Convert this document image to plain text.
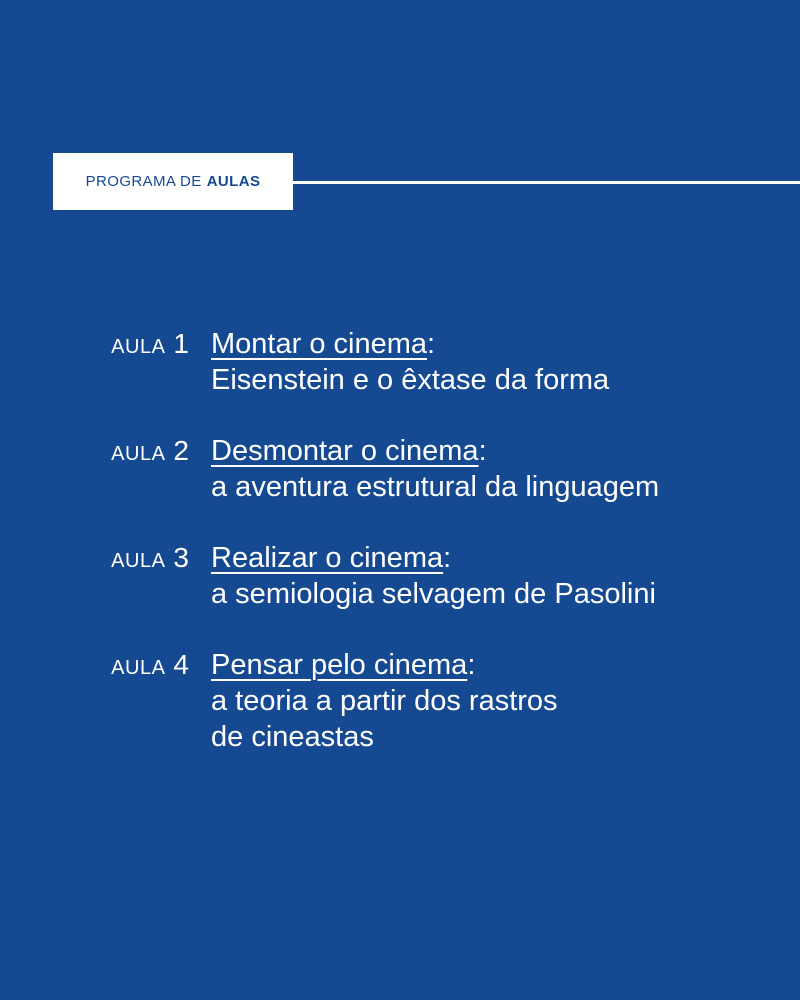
PROGRAMA DE AULAS
AULA 1 Montar o cinema:
Eisenstein e o êxtase da forma
AULA 2 Desmontar o cinema:
a aventura estrutural da linguagem
AULA 3 Realizar o cinema:
a semiologia selvagem de Pasolini
AULA 4 Pensar pelo cinema:
a teoria a partir dos rastros
de cineastas
